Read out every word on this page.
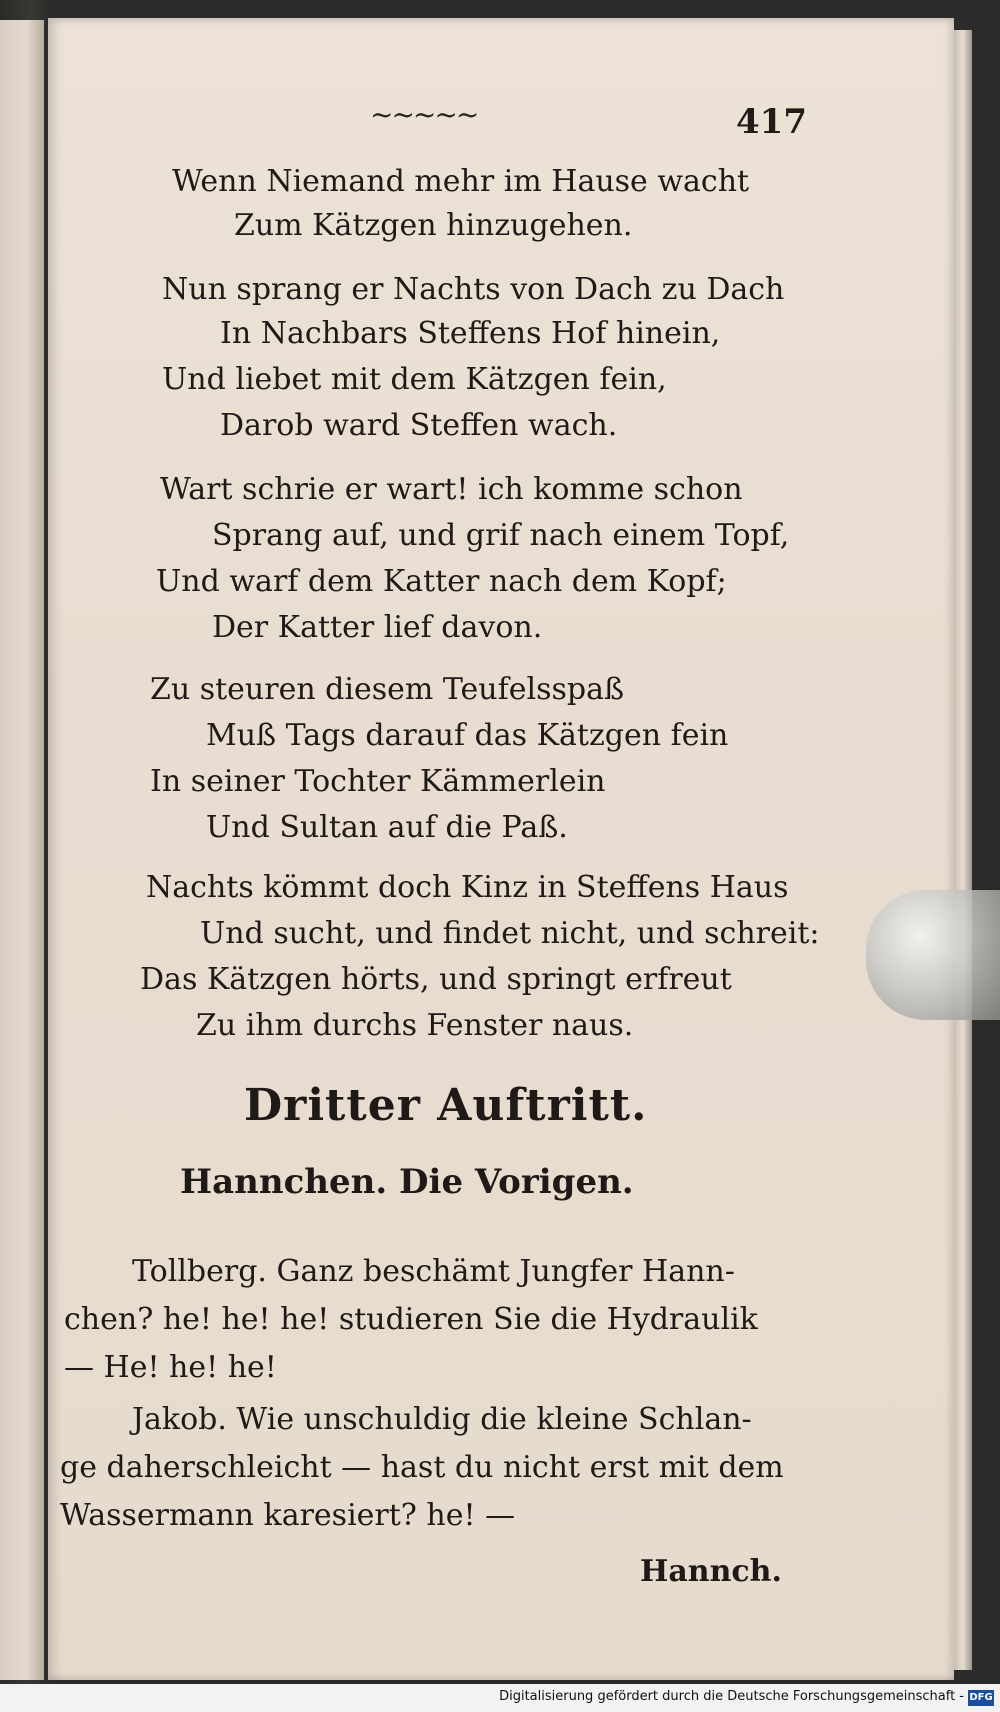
~~~~~	417
Wenn Niemand mehr im Hause wacht
Zum Kätzgen hinzugehen.
Nun sprang er Nachts von Dach zu Dach
In Nachbars Steffens Hof hinein,
Und liebet mit dem Kätzgen fein,
Darob ward Steffen wach.
Wart schrie er wart! ich komme schon
Sprang auf, und grif nach einem Topf,
Und warf dem Katter nach dem Kopf;
Der Katter lief davon.
Zu steuren diesem Teufelsspaß
Muß Tags darauf das Kätzgen fein
In seiner Tochter Kämmerlein
Und Sultan auf die Paß.
Nachts kömmt doch Kinz in Steffens Haus
Und sucht, und findet nicht, und schreit:
Das Kätzgen hörts, und springt erfreut
Zu ihm durchs Fenster naus.
Dritter Auftritt.
Hannchen. Die Vorigen.
Tollberg. Ganz beschämt Jungfer Hann-
chen? he! he! he! studieren Sie die Hydraulik
— He! he! he!
Jakob. Wie unschuldig die kleine Schlan-
ge daherschleicht — hast du nicht erst mit dem
Wassermann karesiert? he! —
Hannch.
Digitalisierung gefördert durch die Deutsche Forschungsgemeinschaft - DFG
